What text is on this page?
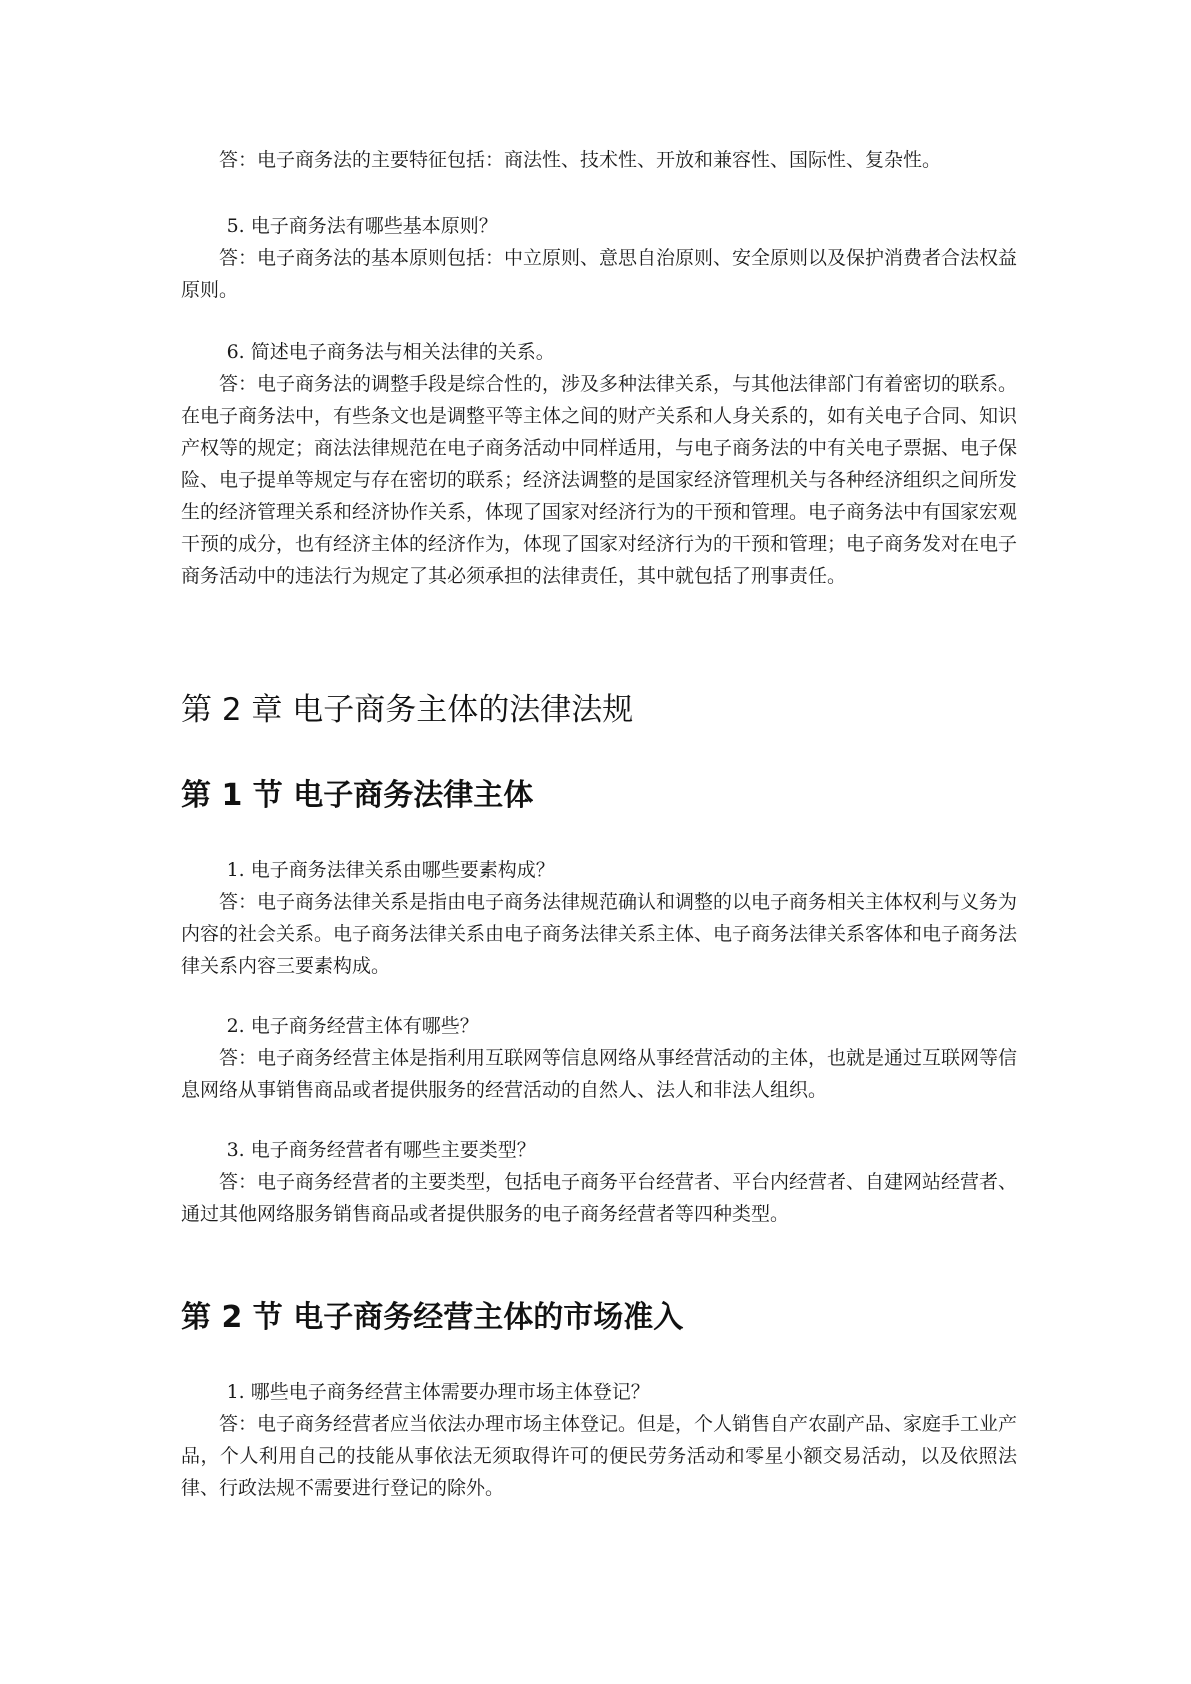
答：电子商务法的主要特征包括：商法性、技术性、开放和兼容性、国际性、复杂性。

5. 电子商务法有哪些基本原则？

答：电子商务法的基本原则包括：中立原则、意思自治原则、安全原则以及保护消费者合法权益原则。

6. 简述电子商务法与相关法律的关系。

答：电子商务法的调整手段是综合性的，涉及多种法律关系，与其他法律部门有着密切的联系。在电子商务法中，有些条文也是调整平等主体之间的财产关系和人身关系的，如有关电子合同、知识产权等的规定；商法法律规范在电子商务活动中同样适用，与电子商务法的中有关电子票据、电子保险、电子提单等规定与存在密切的联系；经济法调整的是国家经济管理机关与各种经济组织之间所发生的经济管理关系和经济协作关系，体现了国家对经济行为的干预和管理。电子商务法中有国家宏观干预的成分，也有经济主体的经济作为，体现了国家对经济行为的干预和管理；电子商务发对在电子商务活动中的违法行为规定了其必须承担的法律责任，其中就包括了刑事责任。

第 2 章 电子商务主体的法律法规
第 1 节 电子商务法律主体

1. 电子商务法律关系由哪些要素构成？

答：电子商务法律关系是指由电子商务法律规范确认和调整的以电子商务相关主体权利与义务为内容的社会关系。电子商务法律关系由电子商务法律关系主体、电子商务法律关系客体和电子商务法律关系内容三要素构成。

2. 电子商务经营主体有哪些？

答：电子商务经营主体是指利用互联网等信息网络从事经营活动的主体，也就是通过互联网等信息网络从事销售商品或者提供服务的经营活动的自然人、法人和非法人组织。

3. 电子商务经营者有哪些主要类型？

答：电子商务经营者的主要类型，包括电子商务平台经营者、平台内经营者、自建网站经营者、通过其他网络服务销售商品或者提供服务的电子商务经营者等四种类型。

第 2 节 电子商务经营主体的市场准入

1. 哪些电子商务经营主体需要办理市场主体登记？

答：电子商务经营者应当依法办理市场主体登记。但是，个人销售自产农副产品、家庭手工业产品，个人利用自己的技能从事依法无须取得许可的便民劳务活动和零星小额交易活动，以及依照法律、行政法规不需要进行登记的除外。
